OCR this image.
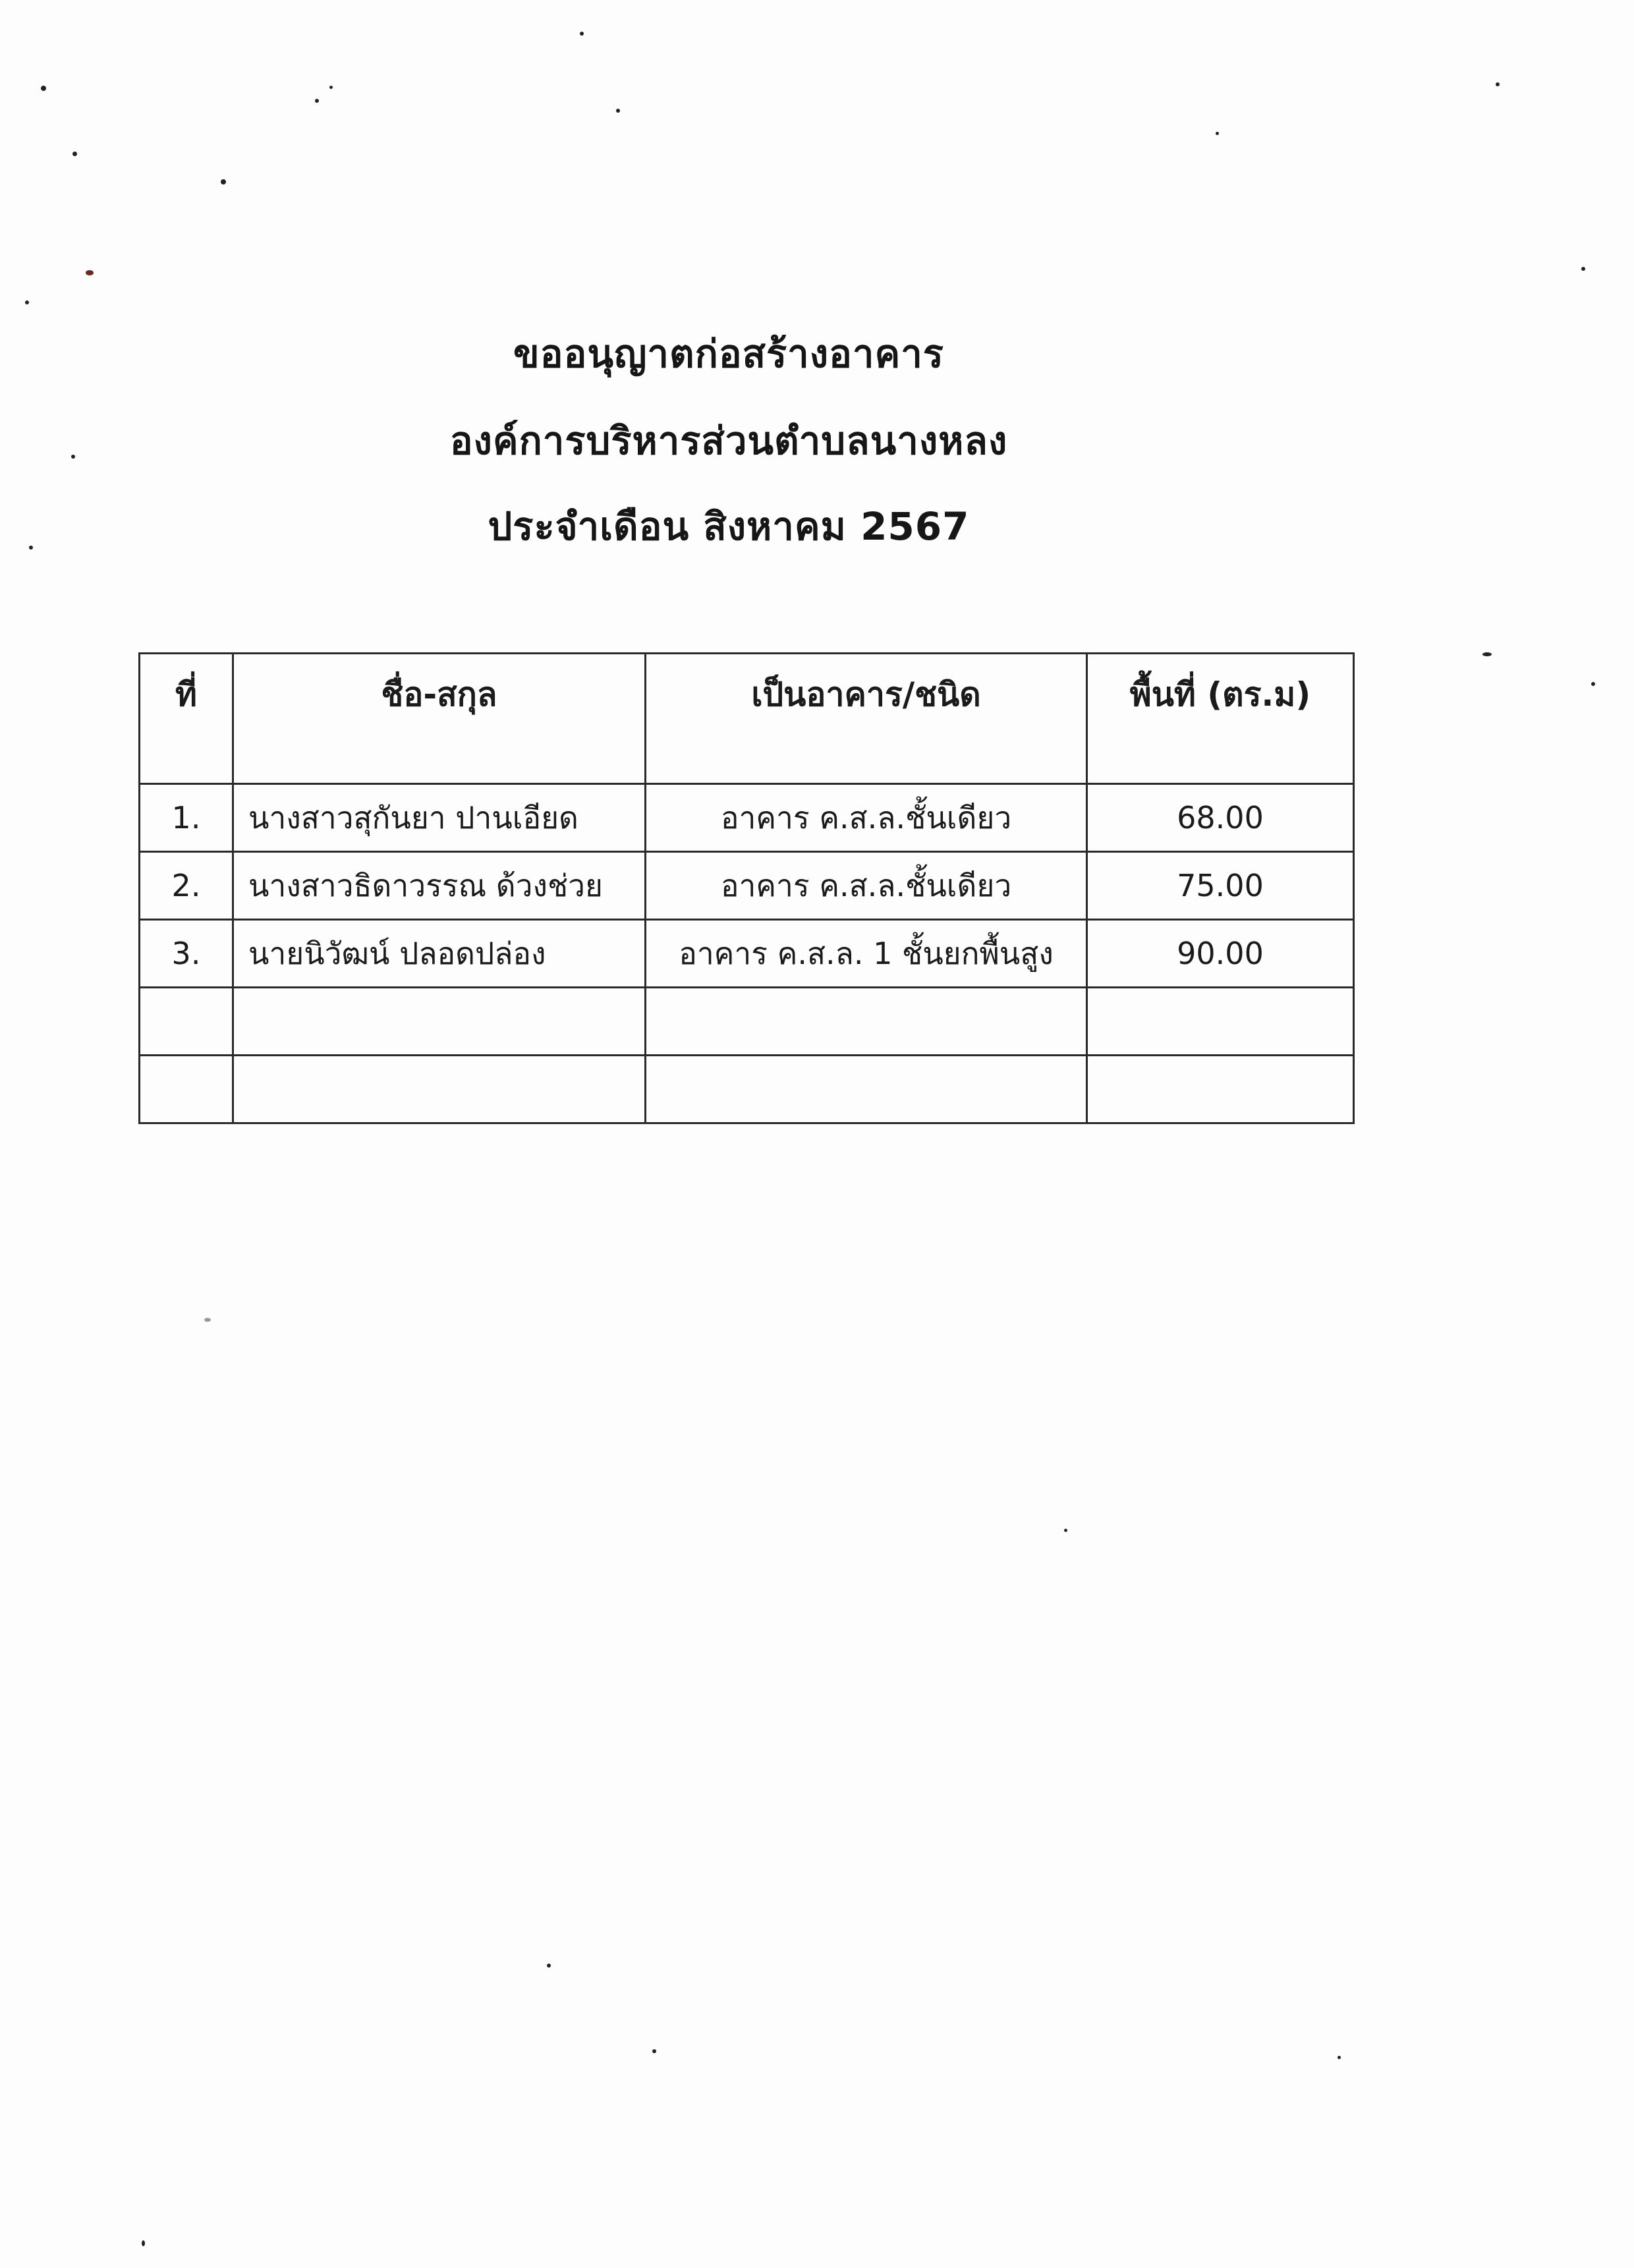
ขออนุญาตก่อสร้างอาคาร
องค์การบริหารส่วนตำบลนางหลง
ประจำเดือน สิงหาคม 2567
ที่	ชื่อ-สกุล	เป็นอาคาร/ชนิด	พื้นที่ (ตร.ม)
1.	นางสาวสุกันยา ปานเอียด	อาคาร ค.ส.ล.ชั้นเดียว	68.00
2.	นางสาวธิดาวรรณ ด้วงช่วย	อาคาร ค.ส.ล.ชั้นเดียว	75.00
3.	นายนิวัฒน์ ปลอดปล่อง	อาคาร ค.ส.ล. 1 ชั้นยกพื้นสูง	90.00
